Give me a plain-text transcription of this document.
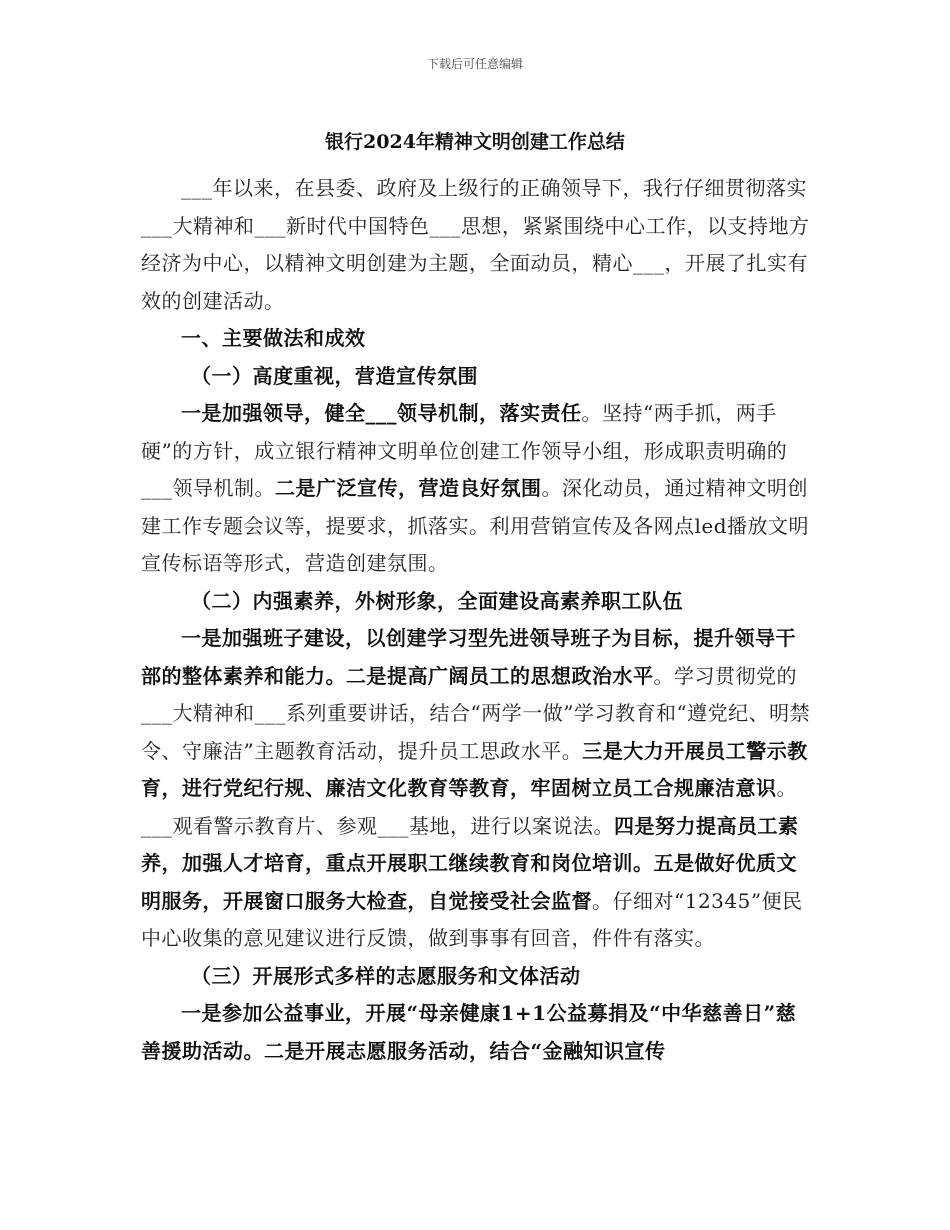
下载后可任意编辑
银行2024年精神文明创建工作总结

___年以来，在县委、政府及上级行的正确领导下，我行仔细贯彻落实___大精神和___新时代中国特色___思想，紧紧围绕中心工作，以支持地方经济为中心，以精神文明创建为主题，全面动员，精心___，开展了扎实有效的创建活动。

一、主要做法和成效

（一）高度重视，营造宣传氛围

一是加强领导，健全___领导机制，落实责任。坚持“两手抓，两手硬”的方针，成立银行精神文明单位创建工作领导小组，形成职责明确的___领导机制。二是广泛宣传，营造良好氛围。深化动员，通过精神文明创建工作专题会议等，提要求，抓落实。利用营销宣传及各网点led播放文明宣传标语等形式，营造创建氛围。

（二）内强素养，外树形象，全面建设高素养职工队伍

一是加强班子建设，以创建学习型先进领导班子为目标，提升领导干部的整体素养和能力。二是提高广阔员工的思想政治水平。学习贯彻党的___大精神和___系列重要讲话，结合“两学一做”学习教育和“遵党纪、明禁令、守廉洁”主题教育活动，提升员工思政水平。三是大力开展员工警示教育，进行党纪行规、廉洁文化教育等教育，牢固树立员工合规廉洁意识。___观看警示教育片、参观___基地，进行以案说法。四是努力提高员工素养，加强人才培育，重点开展职工继续教育和岗位培训。五是做好优质文明服务，开展窗口服务大检查，自觉接受社会监督。仔细对“12345”便民中心收集的意见建议进行反馈，做到事事有回音，件件有落实。

（三）开展形式多样的志愿服务和文体活动

一是参加公益事业，开展“母亲健康1+1公益募捐及“中华慈善日”慈善援助活动。二是开展志愿服务活动，结合“金融知识宣传
